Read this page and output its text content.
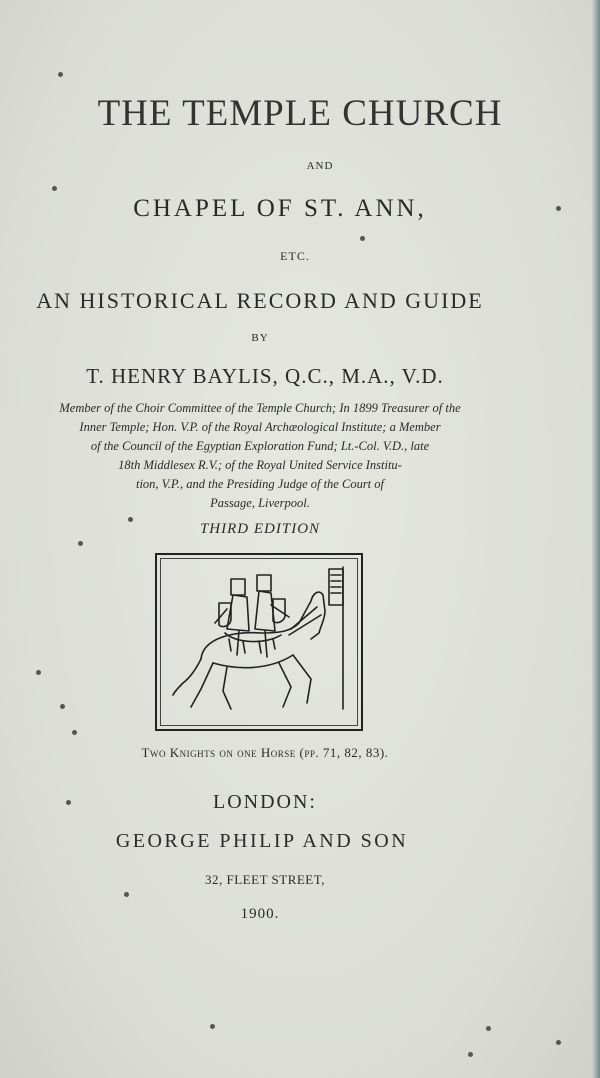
THE TEMPLE CHURCH
AND
CHAPEL OF ST. ANN,
ETC.
AN HISTORICAL RECORD AND GUIDE
BY
T. HENRY BAYLIS, Q.C., M.A., V.D.
Member of the Choir Committee of the Temple Church; In 1899 Treasurer of the
Inner Temple; Hon. V.P. of the Royal Archæological Institute; a Member
of the Council of the Egyptian Exploration Fund; Lt.-Col. V.D., late
18th Middlesex R.V.; of the Royal United Service Institu-
tion, V.P., and the Presiding Judge of the Court of
Passage, Liverpool.
THIRD EDITION
Two Knights on one Horse (pp. 71, 82, 83).
LONDON:
GEORGE PHILIP AND SON
32, FLEET STREET,
1900.
